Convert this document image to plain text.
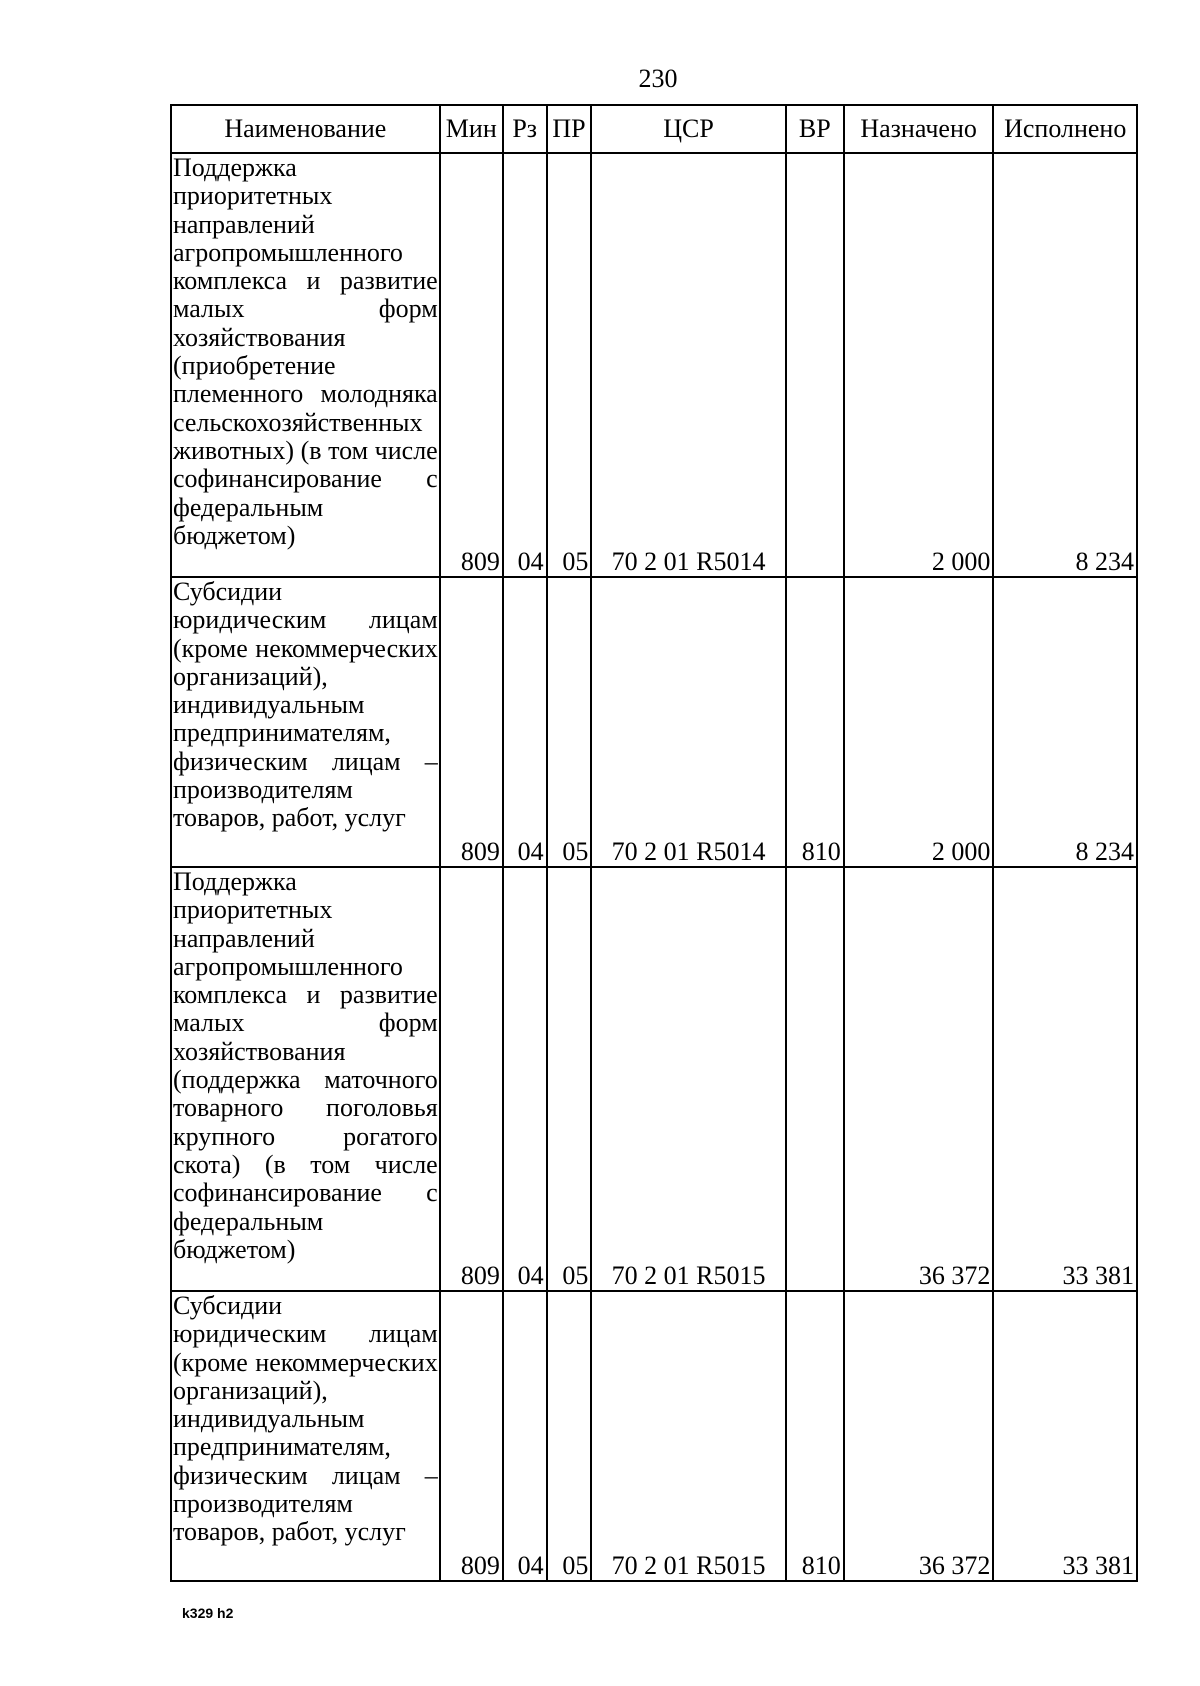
230
Наименование	Мин	Рз	ПР	ЦСР	ВР	Назначено	Исполнено
Поддержка приоритетных направлений агропромышленного комплекса и развитие малых форм хозяйствования (приобретение племенного молодняка сельскохозяйственных животных) (в том числе софинансирование с федеральным бюджетом)	809	04	05	70 2 01 R5014		2 000	8 234
Субсидии юридическим лицам (кроме некоммерческих организаций), индивидуальным предпринимателям, физическим лицам – производителям товаров, работ, услуг	809	04	05	70 2 01 R5014	810	2 000	8 234
Поддержка приоритетных направлений агропромышленного комплекса и развитие малых форм хозяйствования (поддержка маточного товарного поголовья крупного рогатого скота) (в том числе софинансирование с федеральным бюджетом)	809	04	05	70 2 01 R5015		36 372	33 381
Субсидии юридическим лицам (кроме некоммерческих организаций), индивидуальным предпринимателям, физическим лицам – производителям товаров, работ, услуг	809	04	05	70 2 01 R5015	810	36 372	33 381
k329 h2
